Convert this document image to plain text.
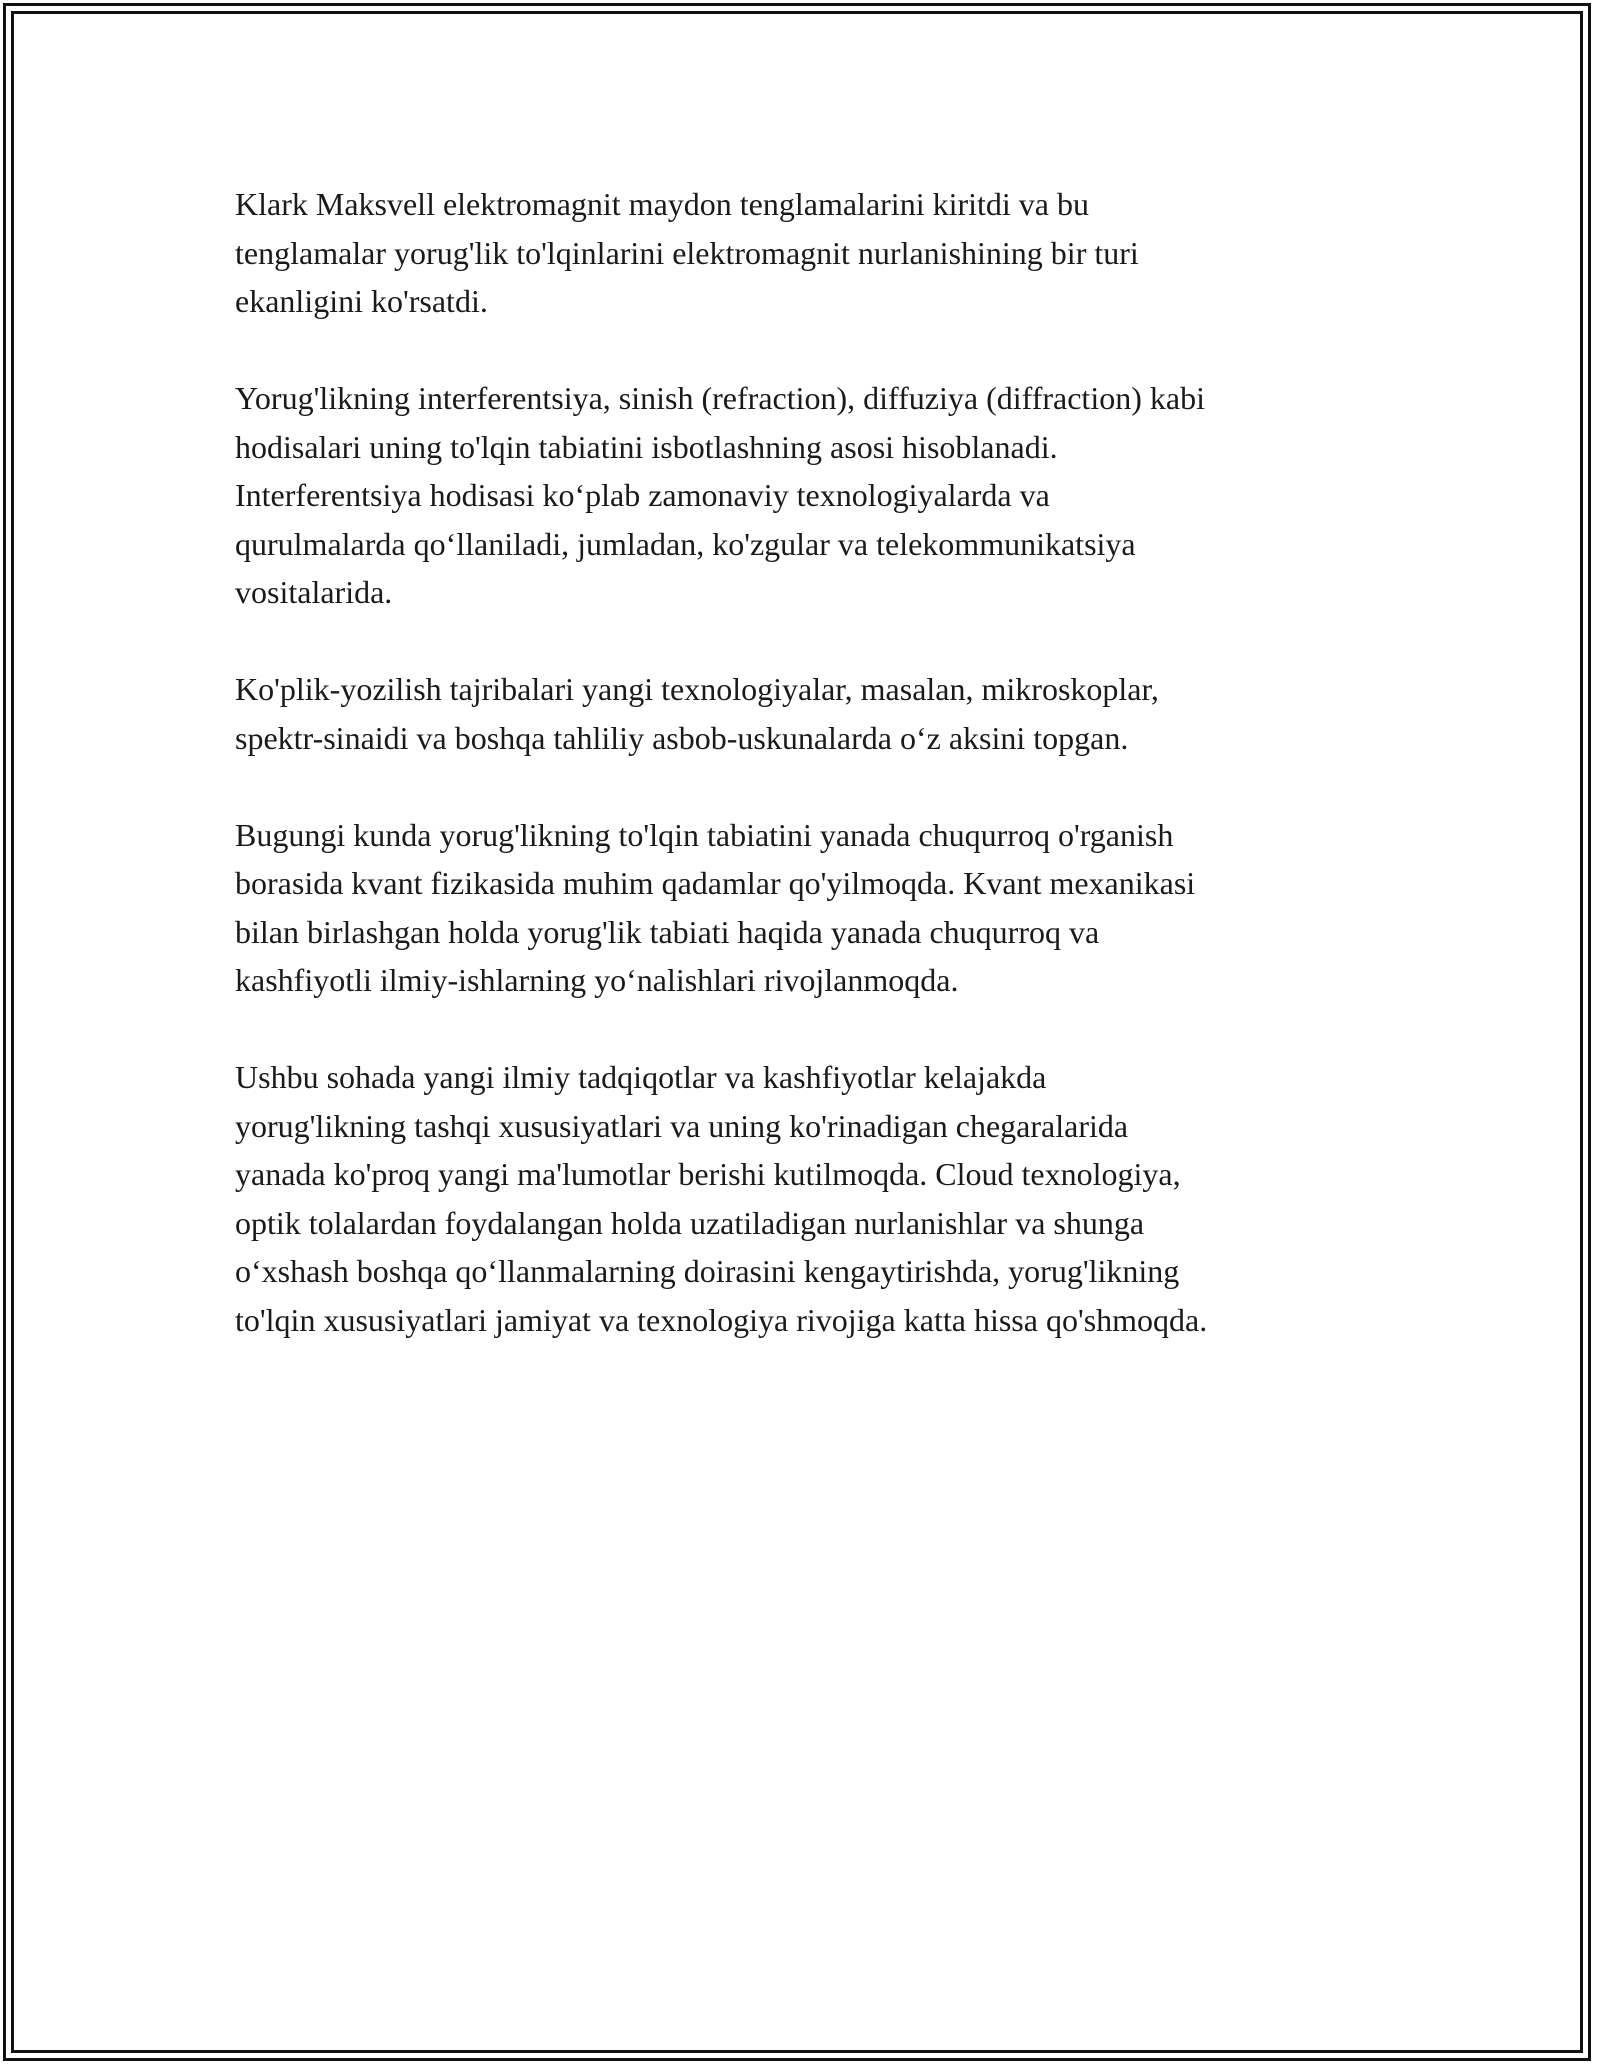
Klark Maksvell elektromagnit maydon tenglamalarini kiritdi va bu
tenglamalar yorug'lik to'lqinlarini elektromagnit nurlanishining bir turi
ekanligini ko'rsatdi.

Yorug'likning interferentsiya, sinish (refraction), diffuziya (diffraction) kabi
hodisalari uning to'lqin tabiatini isbotlashning asosi hisoblanadi.
Interferentsiya hodisasi koʻplab zamonaviy texnologiyalarda va
qurulmalarda qoʻllaniladi, jumladan, ko'zgular va telekommunikatsiya
vositalarida.

Ko'plik-yozilish tajribalari yangi texnologiyalar, masalan, mikroskoplar,
spektr-sinaidi va boshqa tahliliy asbob-uskunalarda oʻz aksini topgan.

Bugungi kunda yorug'likning to'lqin tabiatini yanada chuqurroq o'rganish
borasida kvant fizikasida muhim qadamlar qo'yilmoqda. Kvant mexanikasi
bilan birlashgan holda yorug'lik tabiati haqida yanada chuqurroq va
kashfiyotli ilmiy-ishlarning yoʻnalishlari rivojlanmoqda.

Ushbu sohada yangi ilmiy tadqiqotlar va kashfiyotlar kelajakda
yorug'likning tashqi xususiyatlari va uning ko'rinadigan chegaralarida
yanada ko'proq yangi ma'lumotlar berishi kutilmoqda. Cloud texnologiya,
optik tolalardan foydalangan holda uzatiladigan nurlanishlar va shunga
oʻxshash boshqa qoʻllanmalarning doirasini kengaytirishda, yorug'likning
to'lqin xususiyatlari jamiyat va texnologiya rivojiga katta hissa qo'shmoqda.
